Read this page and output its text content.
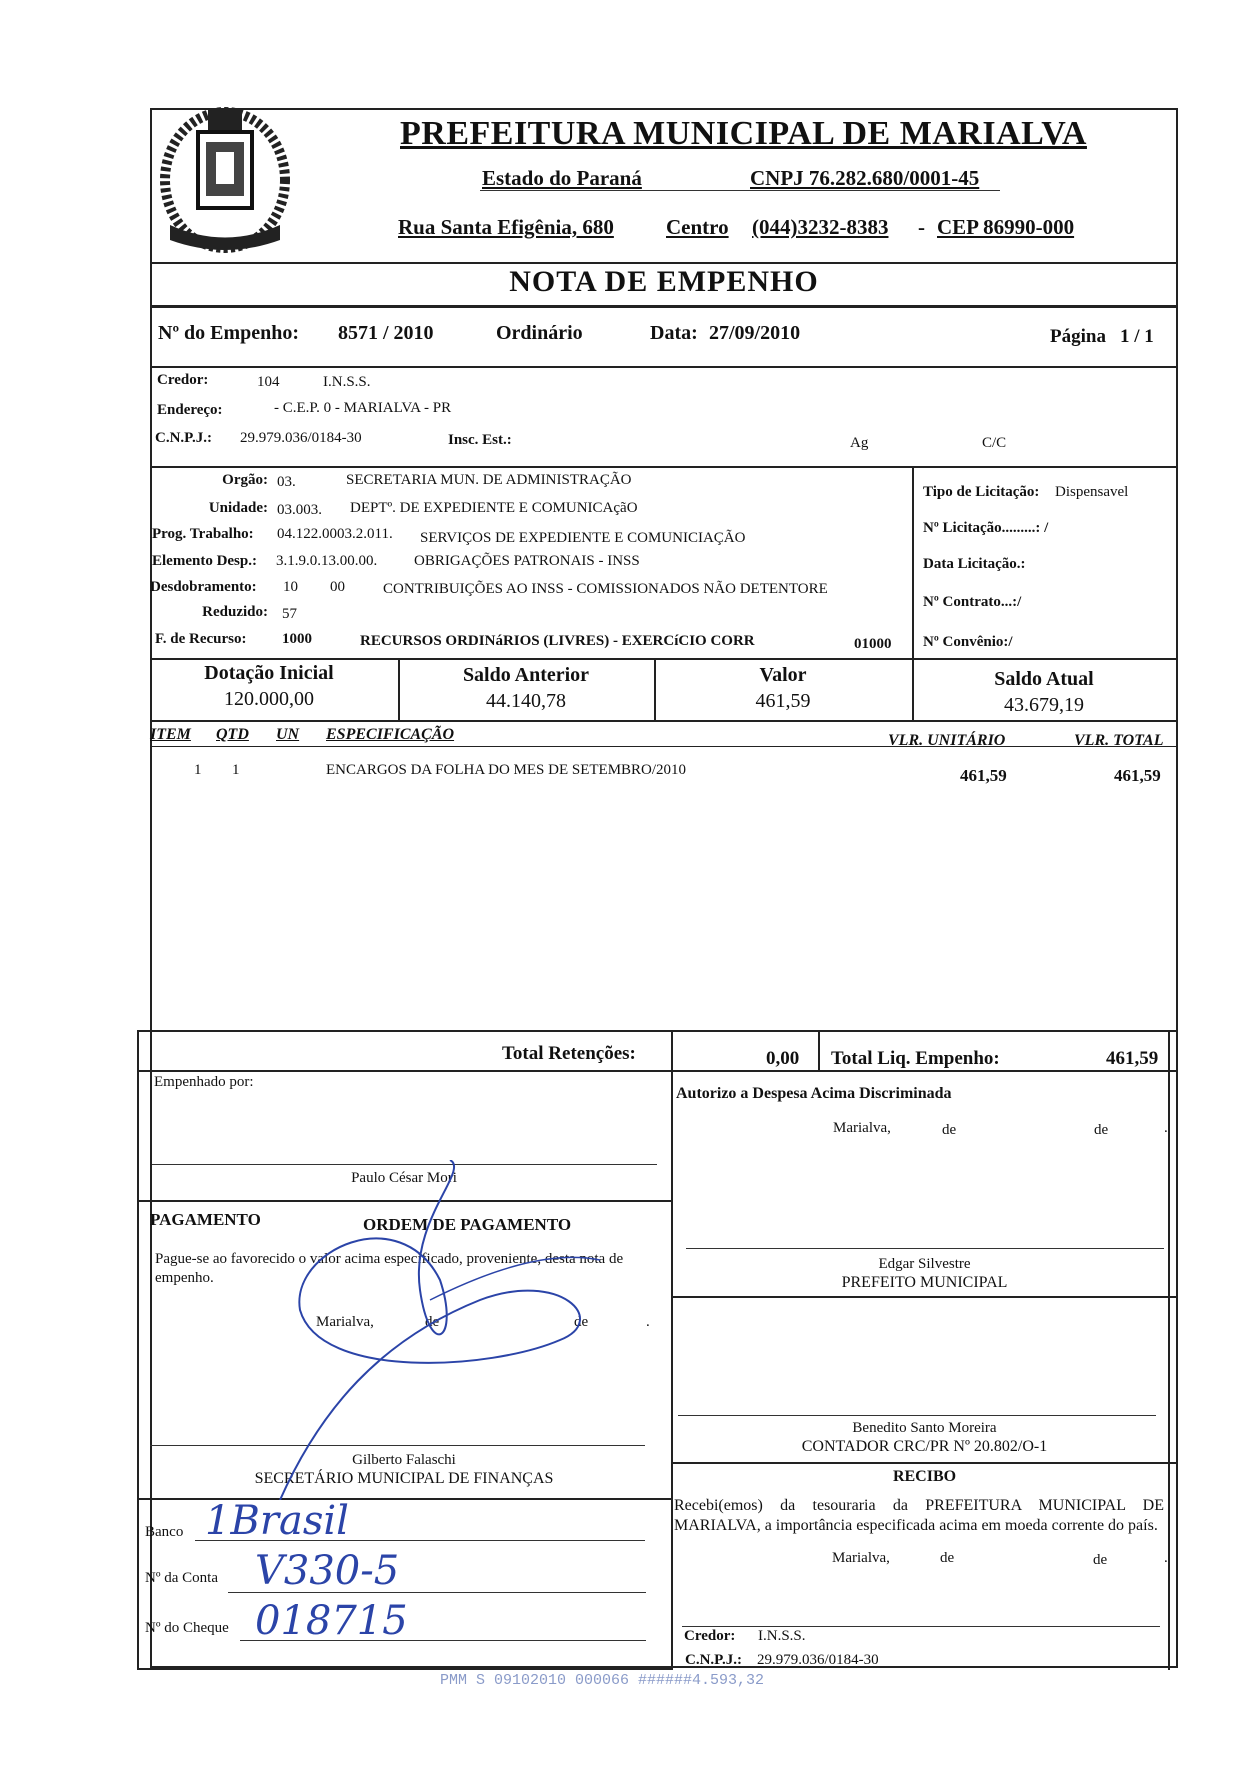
MARIALVA
PREFEITURA MUNICIPAL DE MARIALVA
Estado do Paraná	CNPJ 76.282.680/0001-45
Rua Santa Efigênia, 680 Centro (044)3232-8383 - CEP 86990-000
NOTA DE EMPENHO
Nº do Empenho: 8571 / 2010	Ordinário	Data: 27/09/2010	Página 1 / 1
Credor:	104	I.N.S.S.
Endereço:	- C.E.P. 0 - MARIALVA - PR
C.N.P.J.: 29.979.036/0184-30	Insc. Est.:	Ag	C/C
Orgão: 03.	SECRETARIA MUN. DE ADMINISTRAÇÃO
Unidade: 03.003. DEPTº. DE EXPEDIENTE E COMUNICAçãO
Prog. Trabalho: 04.122.0003.2.011. SERVIÇOS DE EXPEDIENTE E COMUNICIAÇÃO
Elemento Desp.: 3.1.9.0.13.00.00. OBRIGAÇÕES PATRONAIS - INSS
Desdobramento: 10 00	CONTRIBUIÇÕES AO INSS - COMISSIONADOS NÃO DETENTORE
Reduzido: 57
F. de Recurso: 1000	RECURSOS ORDINáRIOS (LIVRES) - EXERCíCIO CORR	01000
Tipo de Licitação: Dispensavel
Nº Licitação.........: /
Data Licitação.:
Nº Contrato...:/
Nº Convênio:/
Dotação Inicial
120.000,00
Saldo Anterior
44.140,78
Valor
461,59
Saldo Atual
43.679,19
ITEM QTD UN ESPECIFICAÇÃO	VLR. UNITÁRIO	VLR. TOTAL
1 1	ENCARGOS DA FOLHA DO MES DE SETEMBRO/2010	461,59	461,59
Total Retenções:	0,00 Total Liq. Empenho:	461,59
Empenhado por:
Paulo César Mori
PAGAMENTO	ORDEM DE PAGAMENTO
Pague-se ao favorecido o valor acima especificado, proveniente, desta nota de empenho.
Marialva,	de	de	.
Gilberto Falaschi
SECRETÁRIO MUNICIPAL DE FINANÇAS
Banco 1Brasil
Nº da Conta V330-5
Nº do Cheque 018715
Autorizo a Despesa Acima Discriminada
Marialva,	de	de	.
Edgar Silvestre
PREFEITO MUNICIPAL
Benedito Santo Moreira
CONTADOR CRC/PR Nº 20.802/O-1
RECIBO
Recebi(emos) da tesouraria da PREFEITURA MUNICIPAL DE MARIALVA, a importância especificada acima em moeda corrente do país.
Marialva,	de	de	.
Credor: I.N.S.S.
C.N.P.J.: 29.979.036/0184-30
PMM S 09102010 000066 ######4.593,32
